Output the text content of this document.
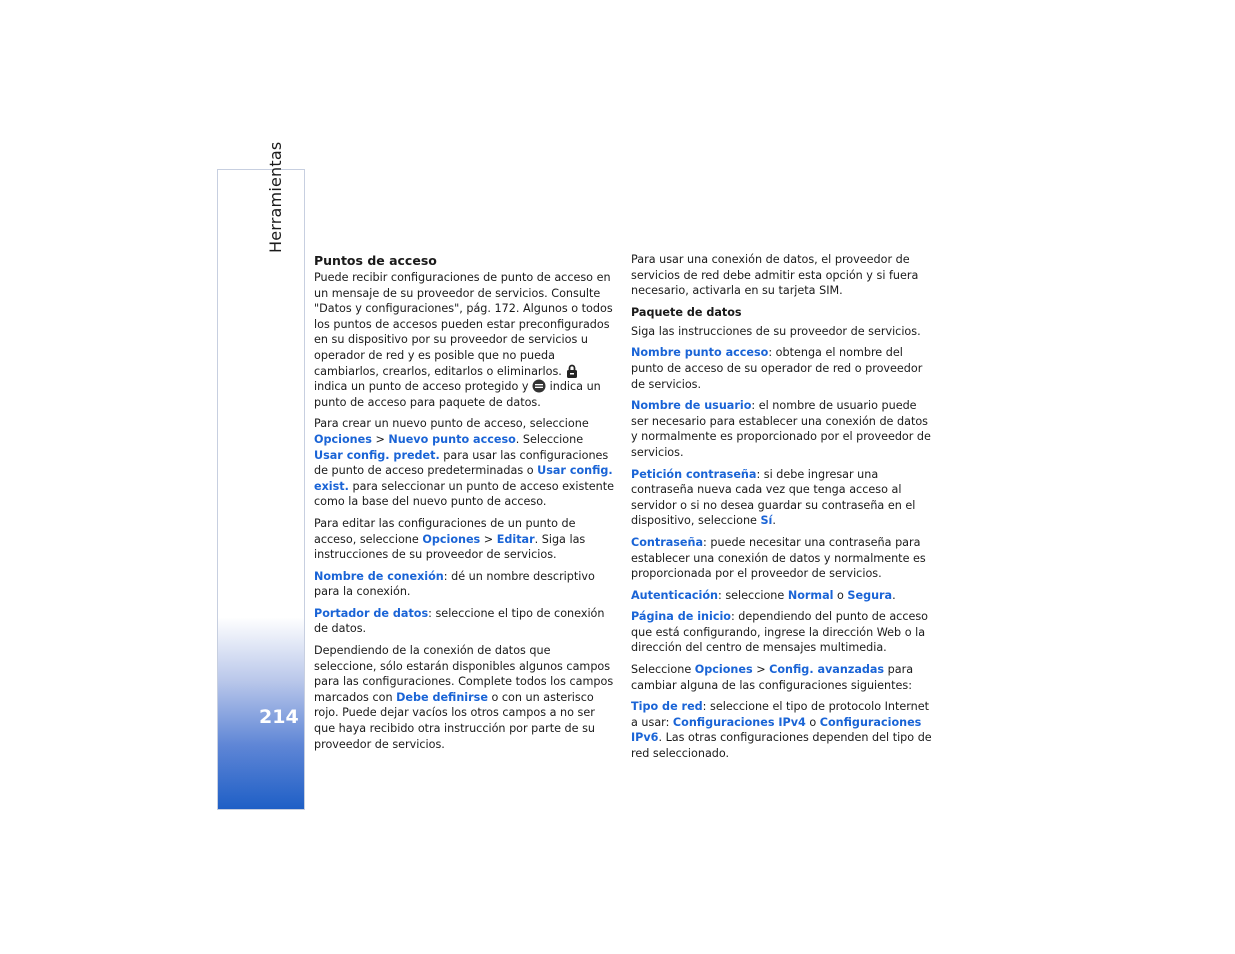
Herramientas
214
Puntos de acceso

Puede recibir configuraciones de punto de acceso en un mensaje de su proveedor de servicios. Consulte "Datos y configuraciones", pág. 172. Algunos o todos los puntos de accesos pueden estar preconfigurados en su dispositivo por su proveedor de servicios u operador de red y es posible que no pueda cambiarlos, crearlos, editarlos o eliminarlos.  indica un punto de acceso protegido y indica un punto de acceso para paquete de datos.

Para crear un nuevo punto de acceso, seleccione Opciones > Nuevo punto acceso. Seleccione Usar config. predet. para usar las configuraciones de punto de acceso predeterminadas o Usar config. exist. para seleccionar un punto de acceso existente como la base del nuevo punto de acceso.

Para editar las configuraciones de un punto de acceso, seleccione Opciones > Editar. Siga las instrucciones de su proveedor de servicios.

Nombre de conexión: dé un nombre descriptivo para la conexión.

Portador de datos: seleccione el tipo de conexión de datos.

Dependiendo de la conexión de datos que seleccione, sólo estarán disponibles algunos campos para las configuraciones. Complete todos los campos marcados con Debe definirse o con un asterisco rojo. Puede dejar vacíos los otros campos a no ser que haya recibido otra instrucción por parte de su proveedor de servicios.

Para usar una conexión de datos, el proveedor de servicios de red debe admitir esta opción y si fuera necesario, activarla en su tarjeta SIM.

Paquete de datos

Siga las instrucciones de su proveedor de servicios.

Nombre punto acceso: obtenga el nombre del punto de acceso de su operador de red o proveedor de servicios.

Nombre de usuario: el nombre de usuario puede ser necesario para establecer una conexión de datos y normalmente es proporcionado por el proveedor de servicios.

Petición contraseña: si debe ingresar una contraseña nueva cada vez que tenga acceso al servidor o si no desea guardar su contraseña en el dispositivo, seleccione Sí.

Contraseña: puede necesitar una contraseña para establecer una conexión de datos y normalmente es proporcionada por el proveedor de servicios.

Autenticación: seleccione Normal o Segura.

Página de inicio: dependiendo del punto de acceso que está configurando, ingrese la dirección Web o la dirección del centro de mensajes multimedia.

Seleccione Opciones > Config. avanzadas para cambiar alguna de las configuraciones siguientes:

Tipo de red: seleccione el tipo de protocolo Internet a usar: Configuraciones IPv4 o Configuraciones IPv6. Las otras configuraciones dependen del tipo de red seleccionado.
